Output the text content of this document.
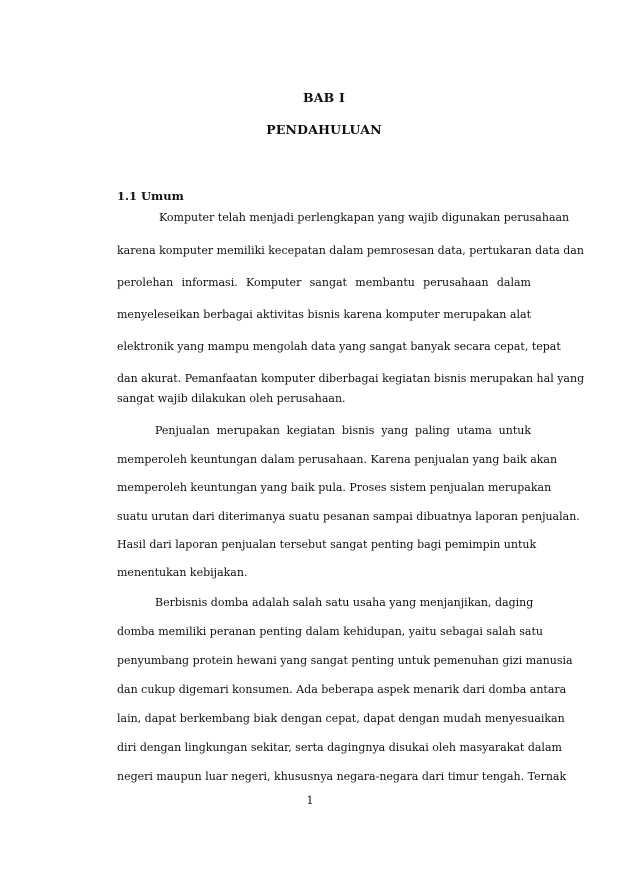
BAB I
PENDAHULUAN
1.1 Umum
Komputer telah menjadi perlengkapan yang wajib digunakan perusahaan
karena komputer memiliki kecepatan dalam pemrosesan data, pertukaran data dan
perolehan informasi. Komputer sangat membantu perusahaan dalam
menyeleseikan berbagai aktivitas bisnis karena komputer merupakan alat
elektronik yang mampu mengolah data yang sangat banyak secara cepat, tepat
dan akurat. Pemanfaatan komputer diberbagai kegiatan bisnis merupakan hal yang
sangat wajib dilakukan oleh perusahaan.
Penjualan merupakan kegiatan bisnis yang paling utama untuk
memperoleh keuntungan dalam perusahaan. Karena penjualan yang baik akan
memperoleh keuntungan yang baik pula. Proses sistem penjualan merupakan
suatu urutan dari diterimanya suatu pesanan sampai dibuatnya laporan penjualan.
Hasil dari laporan penjualan tersebut sangat penting bagi pemimpin untuk
menentukan kebijakan.
Berbisnis domba adalah salah satu usaha yang menjanjikan, daging
domba memiliki peranan penting dalam kehidupan, yaitu sebagai salah satu
penyumbang protein hewani yang sangat penting untuk pemenuhan gizi manusia
dan cukup digemari konsumen. Ada beberapa aspek menarik dari domba antara
lain, dapat berkembang biak dengan cepat, dapat dengan mudah menyesuaikan
diri dengan lingkungan sekitar, serta dagingnya disukai oleh masyarakat dalam
negeri maupun luar negeri, khususnya negara-negara dari timur tengah. Ternak
1
